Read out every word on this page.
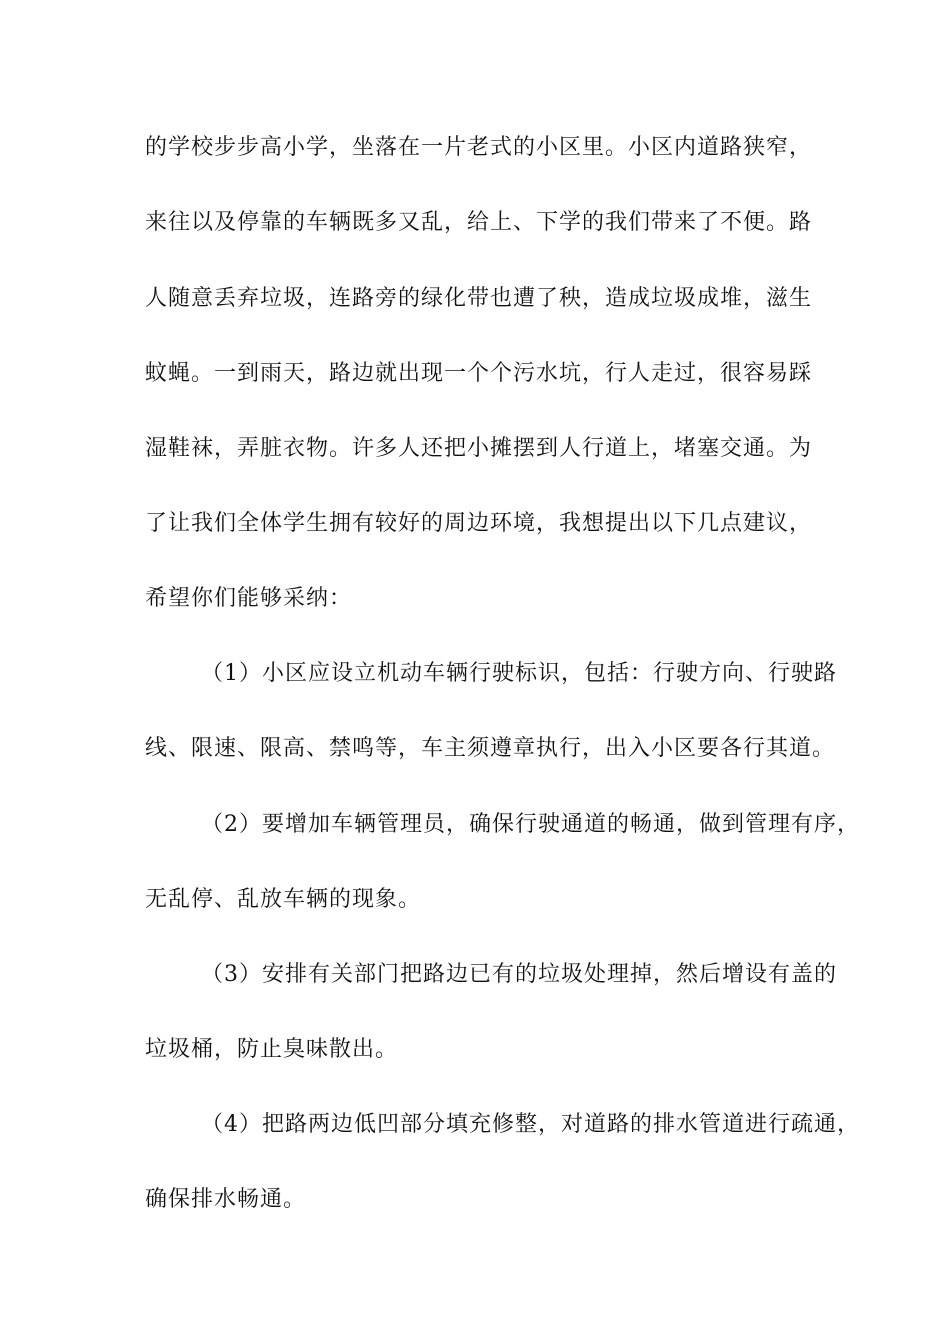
的学校步步高小学，坐落在一片老式的小区里。小区内道路狭窄，
来往以及停靠的车辆既多又乱，给上、下学的我们带来了不便。路
人随意丢弃垃圾，连路旁的绿化带也遭了秧，造成垃圾成堆，滋生
蚊蝇。一到雨天，路边就出现一个个污水坑，行人走过，很容易踩
湿鞋袜，弄脏衣物。许多人还把小摊摆到人行道上，堵塞交通。为
了让我们全体学生拥有较好的周边环境，我想提出以下几点建议，
希望你们能够采纳：
（1）小区应设立机动车辆行驶标识，包括：行驶方向、行驶路
线、限速、限高、禁鸣等，车主须遵章执行，出入小区要各行其道。
（2）要增加车辆管理员，确保行驶通道的畅通，做到管理有序，
无乱停、乱放车辆的现象。
（3）安排有关部门把路边已有的垃圾处理掉，然后增设有盖的
垃圾桶，防止臭味散出。
（4）把路两边低凹部分填充修整，对道路的排水管道进行疏通，
确保排水畅通。
